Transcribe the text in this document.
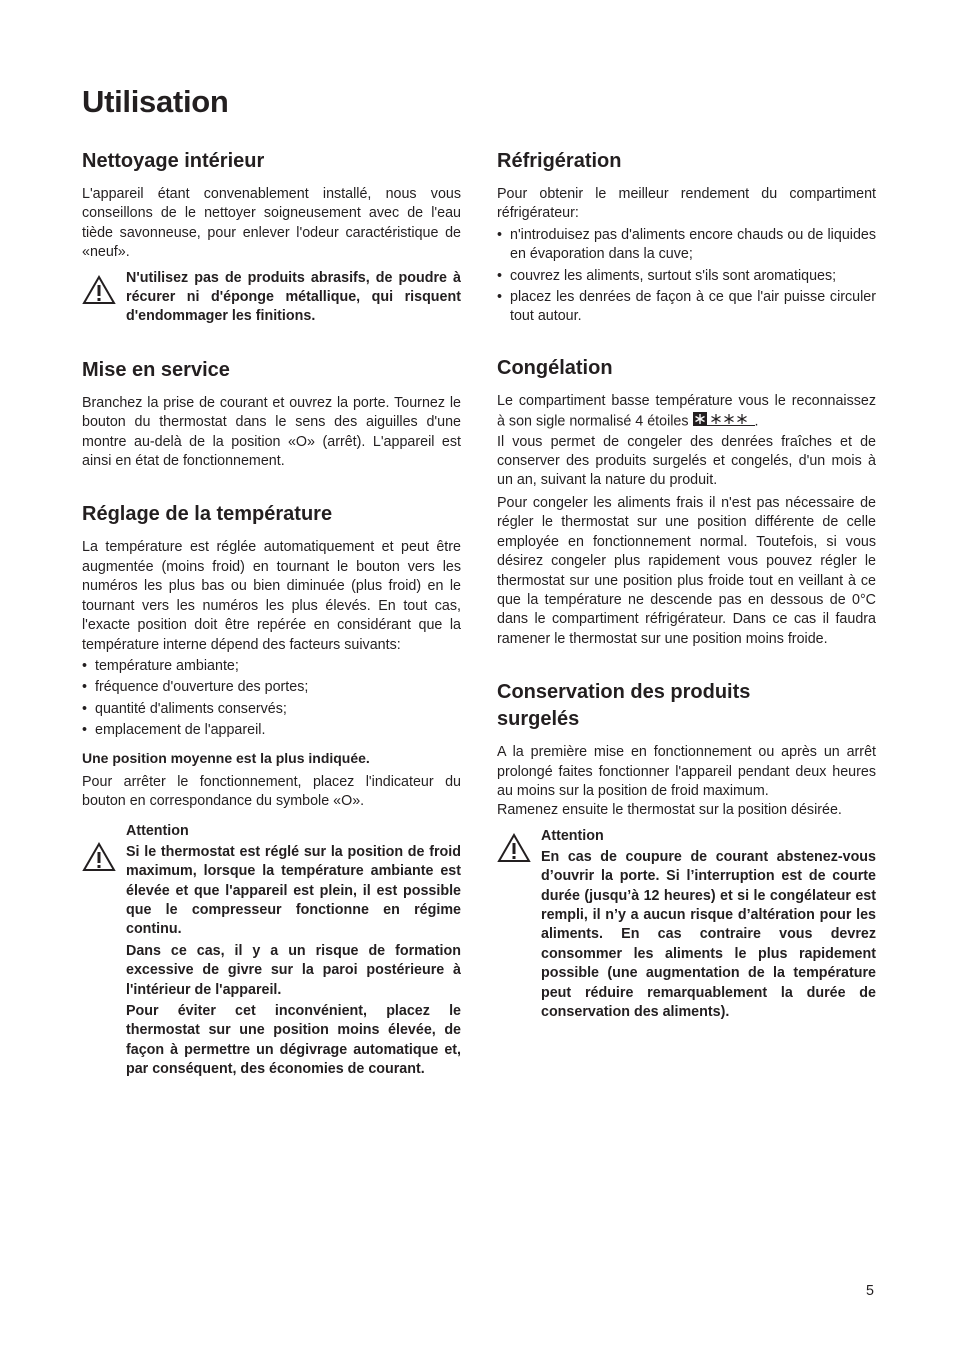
Utilisation
Nettoyage intérieur

L'appareil étant convenablement installé, nous vous conseillons de le nettoyer soigneusement avec de l'eau tiède savonneuse, pour enlever l'odeur caractéristique de «neuf».

N'utilisez pas de produits abrasifs, de poudre à récurer ni d'éponge métallique, qui risquent d'endommager les finitions.

Mise en service

Branchez la prise de courant et ouvrez la porte. Tournez le bouton du thermostat dans le sens des aiguilles d'une montre au-delà de la position «O» (arrêt). L'appareil est ainsi en état de fonctionnement.

Réglage de la température

La température est réglée automatiquement et peut être augmentée (moins froid) en tournant le bouton vers les numéros les plus bas ou bien diminuée (plus froid) en le tournant vers les numéros les plus élevés. En tout cas, l'exacte position doit être repérée en considérant que la température interne dépend des facteurs suivants:

• température ambiante;
• fréquence d'ouverture des portes;
• quantité d'aliments conservés;
• emplacement de l'appareil.

Une position moyenne est la plus indiquée.

Pour arrêter le fonctionnement, placez l'indicateur du bouton en correspondance du symbole «O».

Attention

Si le thermostat est réglé sur la position de froid maximum, lorsque la température ambiante est élevée et que l'appareil est plein, il est possible que le compresseur fonctionne en régime continu.

Dans ce cas, il y a un risque de formation excessive de givre sur la paroi postérieure à l'intérieur de l'appareil.

Pour éviter cet inconvénient, placez le thermostat sur une position moins élevée, de façon à permettre un dégivrage automatique et, par conséquent, des économies de courant.

Réfrigération

Pour obtenir le meilleur rendement du compartiment réfrigérateur:

• n'introduisez pas d'aliments encore chauds ou de liquides en évaporation dans la cuve;
• couvrez les aliments, surtout s'ils sont aromatiques;
• placez les denrées de façon à ce que l'air puisse circuler tout autour.
Congélation

Le compartiment basse température vous le reconnaissez à son sigle normalisé 4 étoiles	.

Il vous permet de congeler des denrées fraîches et de conserver des produits surgelés et congelés, d'un mois à un an, suivant la nature du produit.

Pour congeler les aliments frais il n'est pas nécessaire de régler le thermostat sur une position différente de celle employée en fonctionnement normal. Toutefois, si vous désirez congeler plus rapidement vous pouvez régler le thermostat sur une position plus froide tout en veillant à ce que la température ne descende pas en dessous de 0°C dans le compartiment réfrigérateur. Dans ce cas il faudra ramener le thermostat sur une position moins froide.

Conservation des produits surgelés

A la première mise en fonctionnement ou après un arrêt prolongé faites fonctionner l'appareil pendant deux heures au moins sur la position de froid maximum.

Ramenez ensuite le thermostat sur la position désirée.

Attention

En cas de coupure de courant abstenez-vous d’ouvrir la porte. Si l’interruption est de courte durée (jusqu’à 12 heures) et si le congélateur est rempli, il n’y a aucun risque d’altération pour les aliments. En cas contraire vous devrez consommer les aliments le plus rapidement possible (une augmentation de la température peut réduire remarquablement la durée de conservation des aliments).

5
